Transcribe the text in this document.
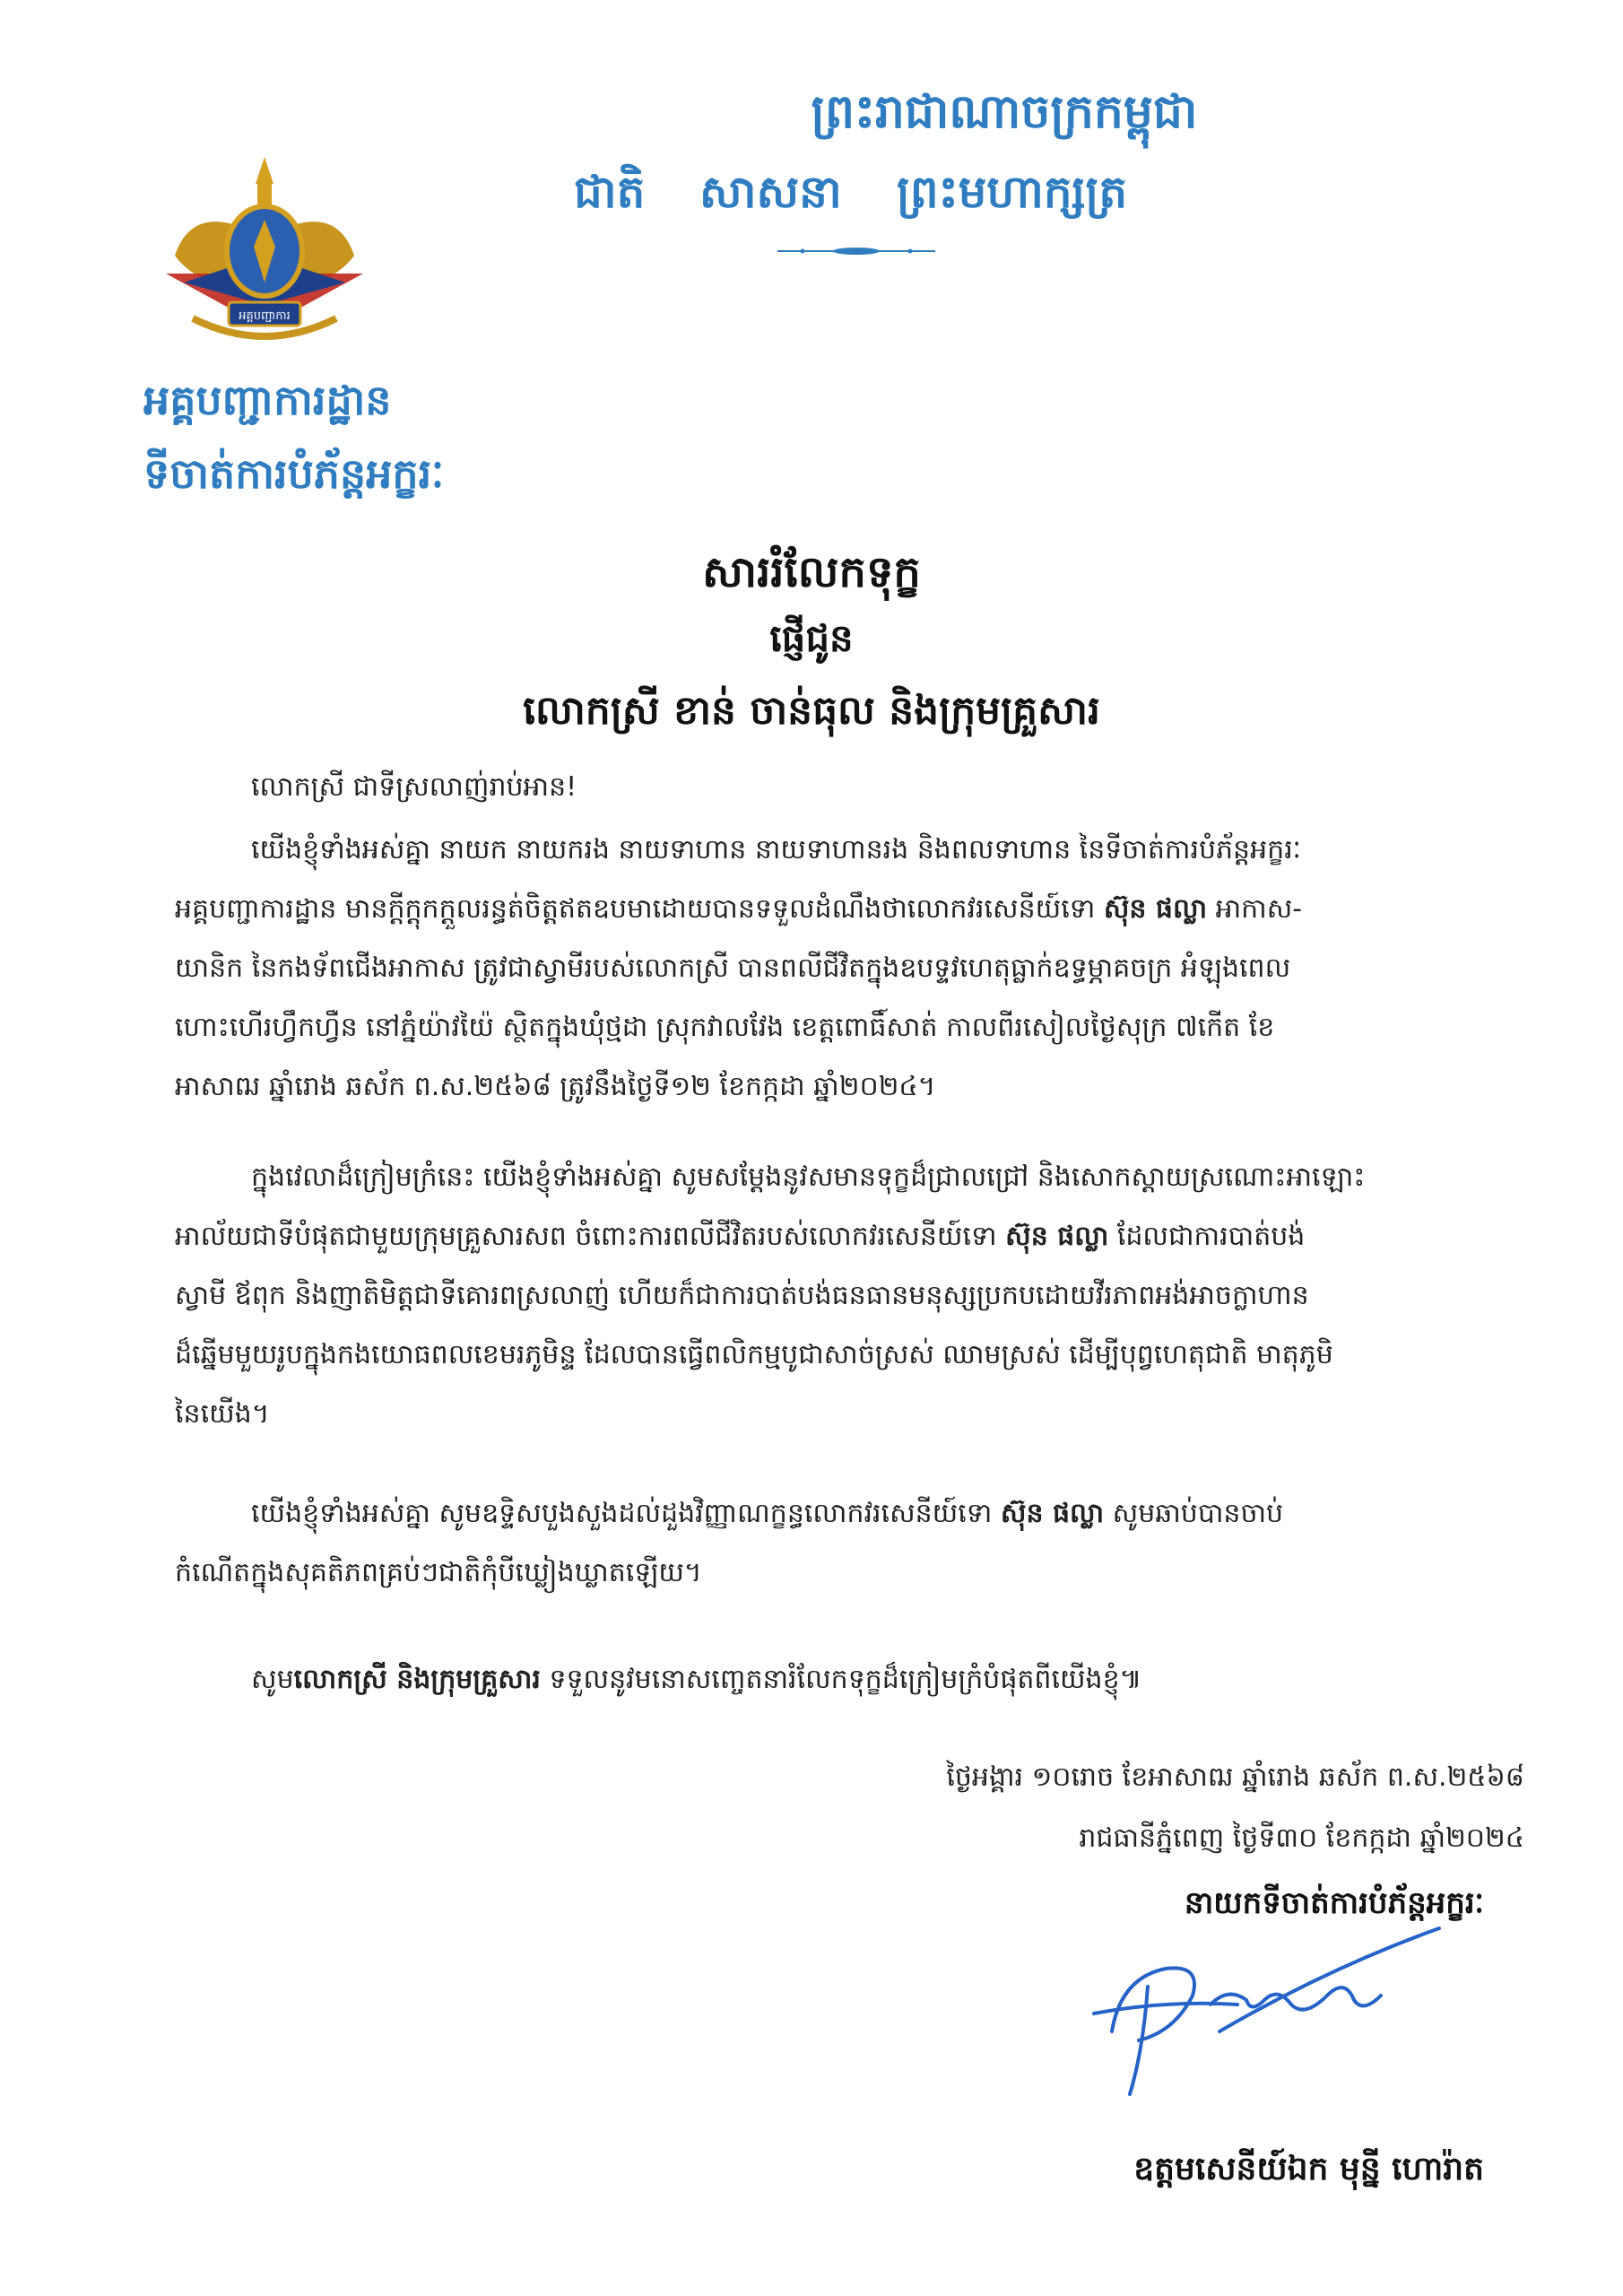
ព្រះរាជាណាចក្រកម្ពុជា
ជាតិ សាសនា ព្រះមហាក្សត្រ
អគ្គបញ្ជាការ
អគ្គបញ្ជាការដ្ឋាន
ទីចាត់ការបំភ័ន្តអក្ខរៈ
សាររំលែកទុក្ខ
ផ្ញើជូន
លោកស្រី ខាន់ ចាន់ធុល និងក្រុមគ្រួសារ
លោកស្រី ជាទីស្រលាញ់រាប់អាន!
យើងខ្ញុំទាំងអស់គ្នា នាយក នាយករង នាយទាហាន នាយទាហានរង និងពលទាហាន នៃទីចាត់ការបំភ័ន្តអក្ខរៈ
អគ្គបញ្ជាការដ្ឋាន មានក្តីក្តុកក្តួលរន្ធត់ចិត្តឥតឧបមាដោយបានទទួលដំណឹងថាលោកវរសេនីយ៍ទោ ស៊ុន ផល្លា អាកាស-
យានិក នៃកងទ័ពជើងអាកាស ត្រូវជាស្វាមីរបស់លោកស្រី បានពលីជីវិតក្នុងឧបទ្ទវហេតុធ្លាក់ឧទ្ធម្ភាគចក្រ អំឡុងពេល
ហោះហើរហ្វឹកហ្វឺន នៅភ្នំយ៉ាវយ៉ៃ ស្ថិតក្នុងឃុំថ្មដា ស្រុកវាលវែង ខេត្តពោធិ៍សាត់ កាលពីរសៀលថ្ងៃសុក្រ ៧កើត ខែ
អាសាឍ ឆ្នាំរោង ឆស័ក ព.ស.២៥៦៨ ត្រូវនឹងថ្ងៃទី១២ ខែកក្កដា ឆ្នាំ២០២៤។
ក្នុងវេលាដ៏ក្រៀមក្រំនេះ យើងខ្ញុំទាំងអស់គ្នា សូមសម្តែងនូវសមានទុក្ខដ៏ជ្រាលជ្រៅ និងសោកស្តាយស្រណោះអាឡោះ
អាល័យជាទីបំផុតជាមួយក្រុមគ្រួសារសព ចំពោះការពលីជីវិតរបស់លោកវរសេនីយ៍ទោ ស៊ុន ផល្លា ដែលជាការបាត់បង់
ស្វាមី ឪពុក និងញាតិមិត្តជាទីគោរពស្រលាញ់ ហើយក៏ជាការបាត់បង់ធនធានមនុស្សប្រកបដោយវីរភាពអង់អាចក្លាហាន
ដ៏ឆ្នើមមួយរូបក្នុងកងយោធពលខេមរភូមិន្ទ ដែលបានធ្វើពលិកម្មបូជាសាច់ស្រស់ ឈាមស្រស់ ដើម្បីបុព្វហេតុជាតិ មាតុភូមិ
នៃយើង។
យើងខ្ញុំទាំងអស់គ្នា សូមឧទ្ទិសបួងសួងដល់ដួងវិញ្ញាណក្ខន្ធលោកវរសេនីយ៍ទោ ស៊ុន ផល្លា សូមឆាប់បានចាប់
កំណើតក្នុងសុគតិភពគ្រប់ៗជាតិកុំបីឃ្លៀងឃ្លាតឡើយ។
សូមលោកស្រី និងក្រុមគ្រួសារ ទទួលនូវមនោសញ្ចេតនារំលែកទុក្ខដ៏ក្រៀមក្រំបំផុតពីយើងខ្ញុំ៕
ថ្ងៃអង្គារ ១០រោច ខែអាសាឍ ឆ្នាំរោង ឆស័ក ព.ស.២៥៦៨
រាជធានីភ្នំពេញ ថ្ងៃទី៣០ ខែកក្កដា ឆ្នាំ២០២៤
នាយកទីចាត់ការបំភ័ន្តអក្ខរៈ
ឧត្តមសេនីយ៍ឯក មុន្នី ហោរ៉ាត
